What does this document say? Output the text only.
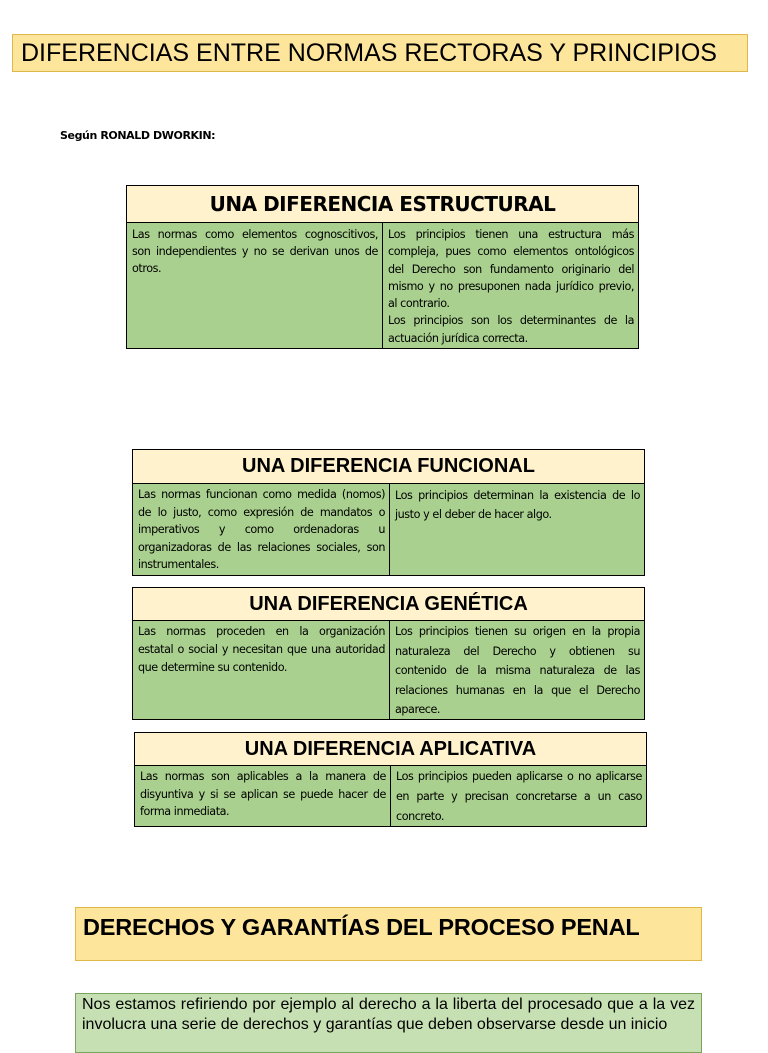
DIFERENCIAS ENTRE NORMAS RECTORAS Y PRINCIPIOS
Según RONALD DWORKIN:
UNA DIFERENCIA ESTRUCTURAL
Las normas como elementos cognoscitivos, son independientes y no se derivan unos de otros.
Los principios tienen una estructura más compleja, pues como elementos ontológicos del Derecho son fundamento originario del mismo y no presuponen nada jurídico previo, al contrario.
Los principios son los determinantes de la actuación jurídica correcta.
UNA DIFERENCIA FUNCIONAL
Las normas funcionan como medida (nomos) de lo justo, como expresión de mandatos o imperativos y como ordenadoras u organizadoras de las relaciones sociales, son instrumentales.
Los principios determinan la existencia de lo justo y el deber de hacer algo.
UNA DIFERENCIA GENÉTICA
Las normas proceden en la organización estatal o social y necesitan que una autoridad que determine su contenido.
Los principios tienen su origen en la propia naturaleza del Derecho y obtienen su contenido de la misma naturaleza de las relaciones humanas en la que el Derecho aparece.
UNA DIFERENCIA APLICATIVA
Las normas son aplicables a la manera de disyuntiva y si se aplican se puede hacer de forma inmediata.
Los principios pueden aplicarse o no aplicarse en parte y precisan concretarse a un caso concreto.
DERECHOS Y GARANTÍAS DEL PROCESO PENAL
Nos estamos refiriendo por ejemplo al derecho a la liberta del procesado que a la vez involucra una serie de derechos y garantías que deben observarse desde un inicio
